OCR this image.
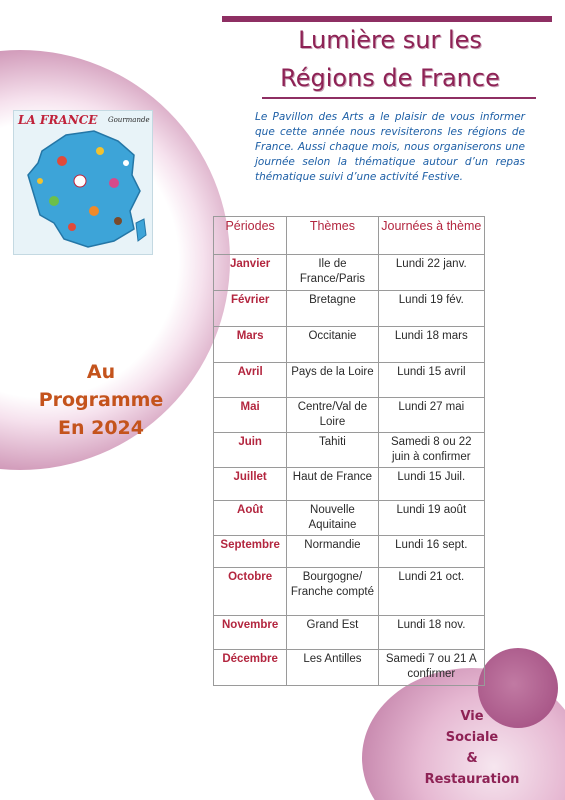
Lumière sur les
Régions de France

Le Pavillon des Arts a le plaisir de vous informer que cette année nous revisiterons les régions de France. Aussi chaque mois, nous organiserons une journée selon la thématique autour d’un repas thématique suivi d’une activité Festive.

LA FRANCE Gourmande
Au
Programme
En 2024
Périodes	Thèmes	Journées à thème
Janvier	Ile de France/Paris	Lundi 22 janv.
Février	Bretagne	Lundi 19 fév.
Mars	Occitanie	Lundi 18 mars
Avril	Pays de la Loire	Lundi 15 avril
Mai	Centre/Val de Loire	Lundi 27 mai
Juin	Tahiti	Samedi 8 ou 22 juin à confirmer
Juillet	Haut de France	Lundi 15 Juil.
Août	Nouvelle Aquitaine	Lundi 19 août
Septembre	Normandie	Lundi 16 sept.
Octobre	Bourgogne/ Franche compté	Lundi 21 oct.
Novembre	Grand Est	Lundi 18 nov.
Décembre	Les Antilles	Samedi 7 ou 21 A confirmer
Vie
Sociale
&
Restauration
